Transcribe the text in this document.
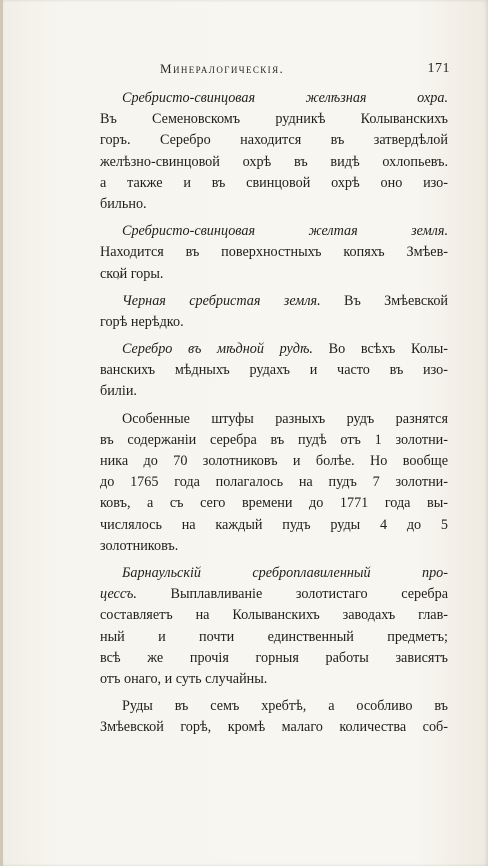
Минералогическія.	171
Сребристо-свинцовая желѣзная охра.
Въ Семеновскомъ рудникѣ Колыванскихъ
горъ. Серебро находится въ затвердѣлой
желѣзно-свинцовой охрѣ въ видѣ охлопьевъ.
а также и въ свинцовой охрѣ оно изо-
бильно.
Сребристо-свинцовая желтая земля.
Находится въ поверхностныхъ копяхъ Змѣев-
ской горы.
Черная сребристая земля. Въ Змѣевской
горѣ нерѣдко.
Серебро въ мѣдной рудѣ. Во всѣхъ Колы-
ванскихъ мѣдныхъ рудахъ и часто въ изо-
биліи.
Особенные штуфы разныхъ рудъ разнятся
въ содержаніи серебра въ пудѣ отъ 1 золотни-
ника до 70 золотниковъ и болѣе. Но вообще
до 1765 года полагалось на пудъ 7 золотни-
ковъ, а съ сего времени до 1771 года вы-
числялось на каждый пудъ руды 4 до 5
золотниковъ.
Барнаульскій среброплавиленный про-
цессъ. Выплавливаніе золотистаго серебра
составляетъ на Колыванскихъ заводахъ глав-
ный и почти единственный предметъ;
всѣ же прочія горныя работы зависятъ
отъ онаго, и суть случайны.
Руды въ семъ хребтѣ, а особливо въ
Змѣевской горѣ, кромѣ малаго количества соб-
